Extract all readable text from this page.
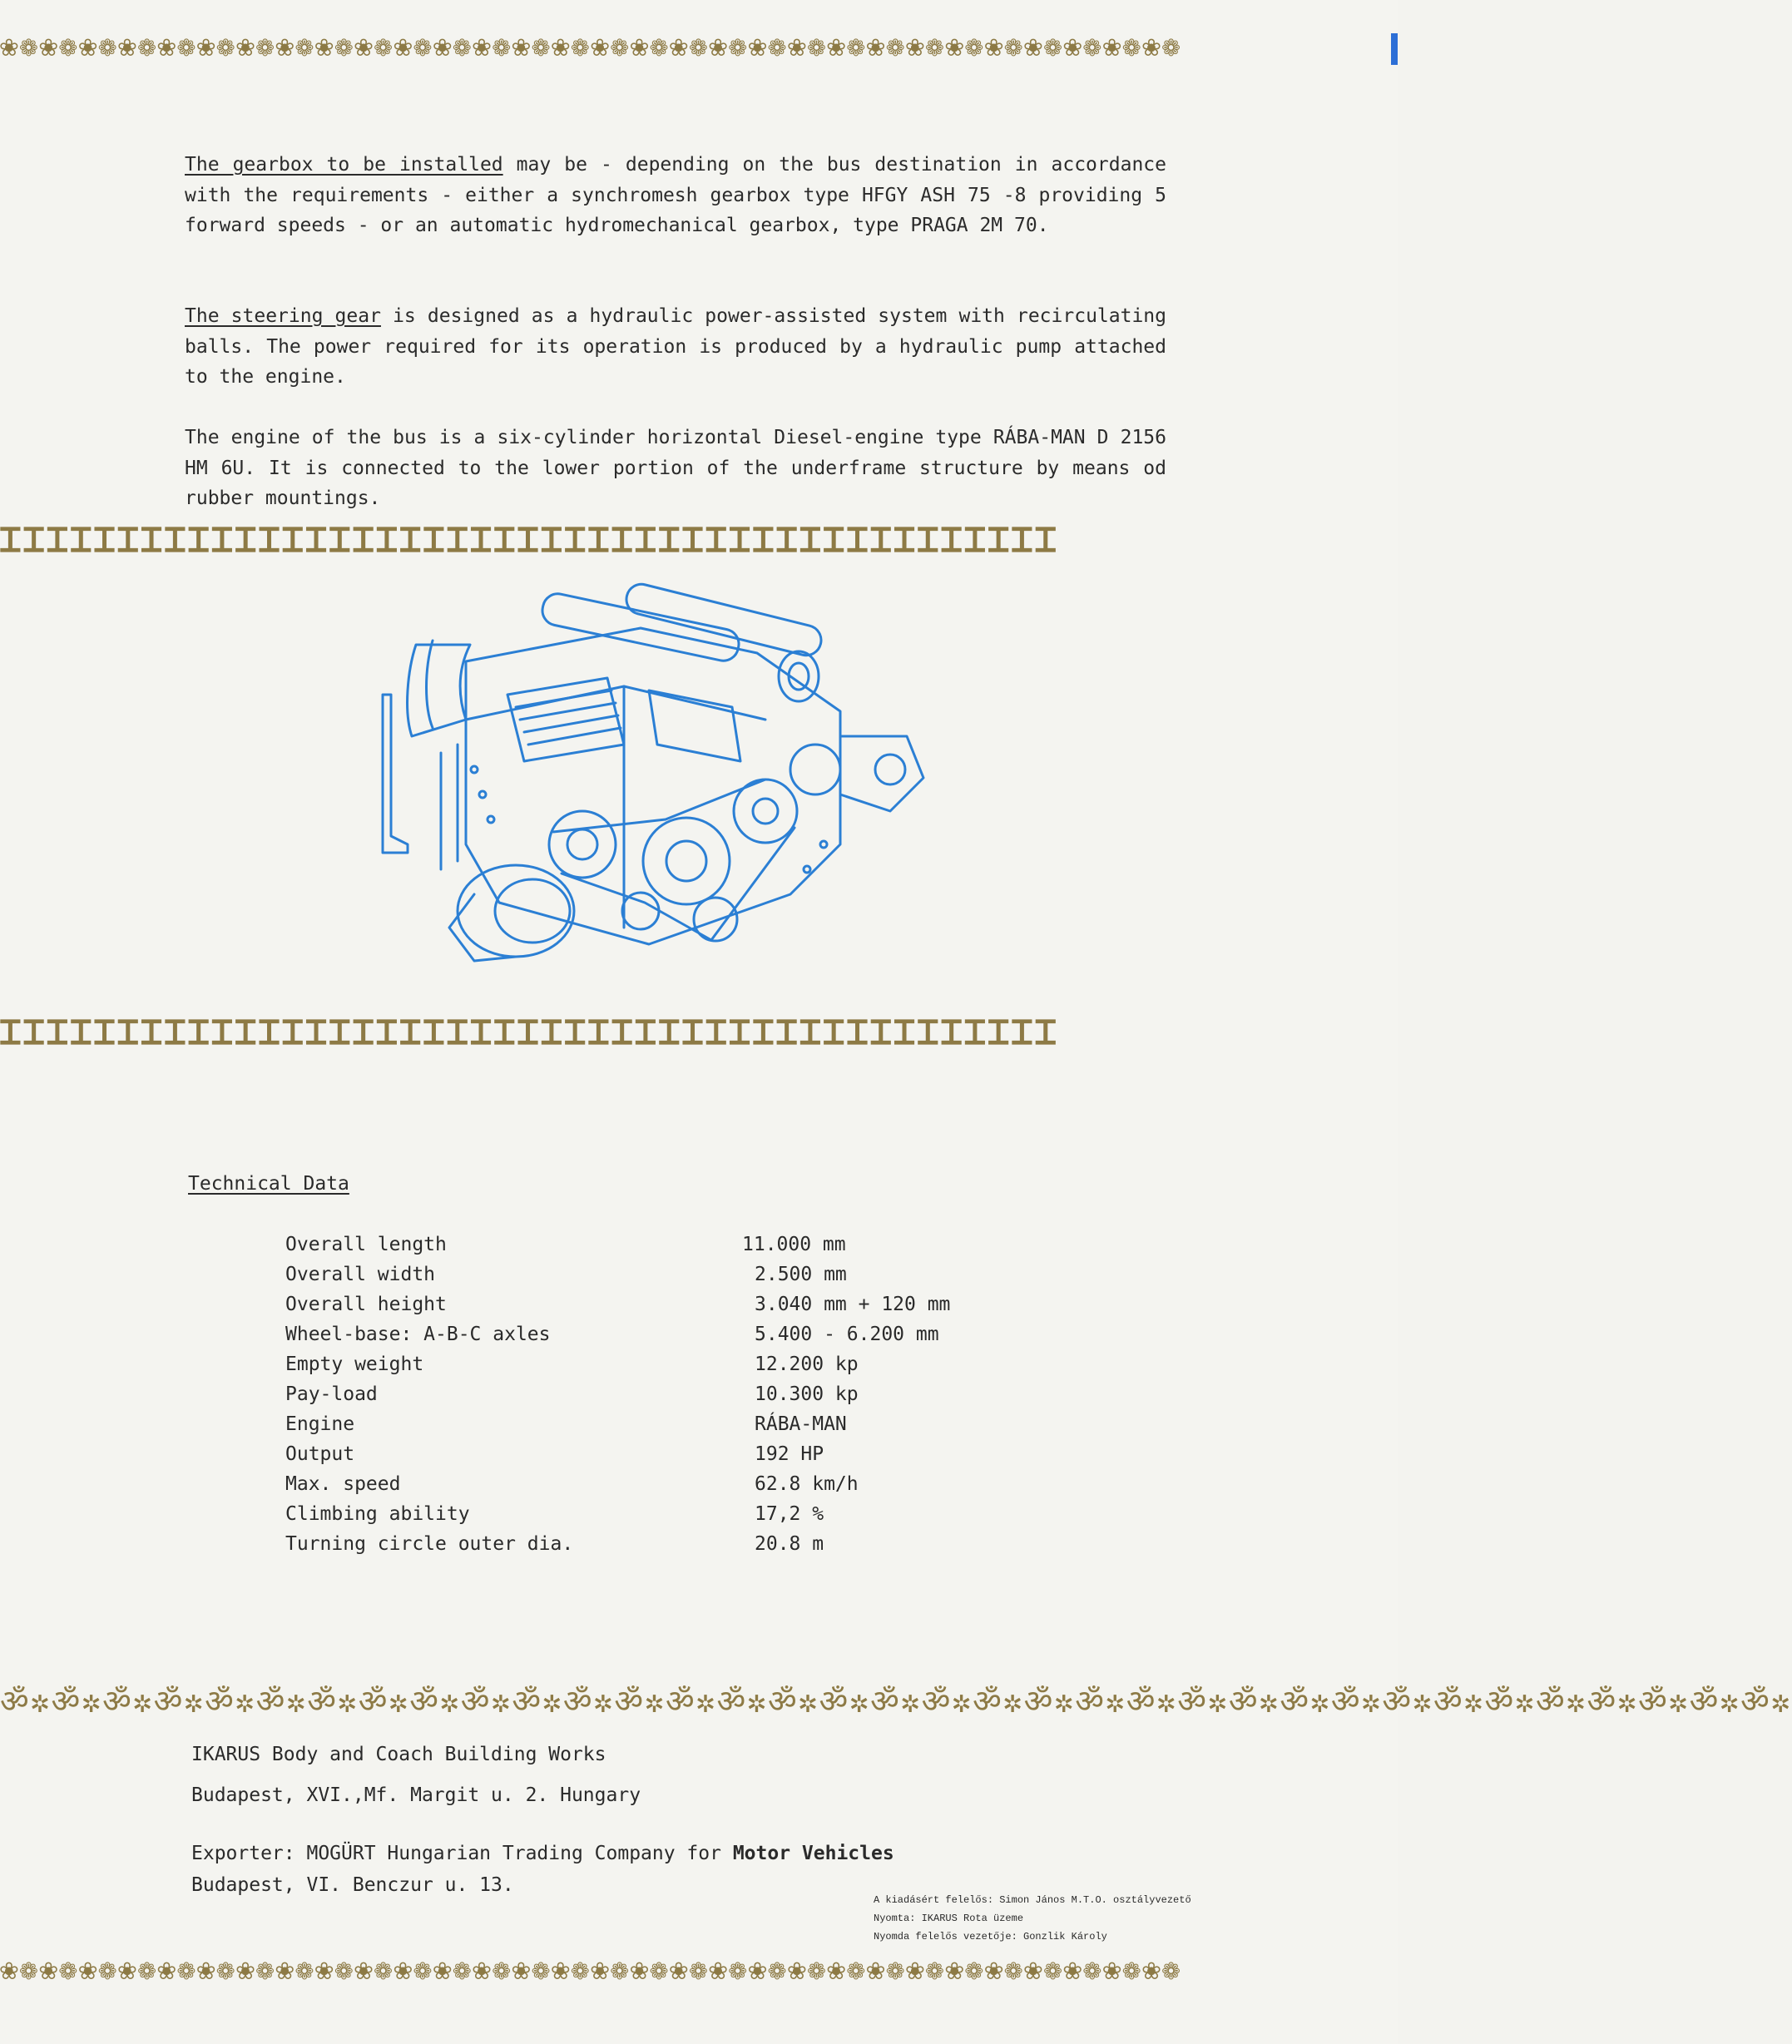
❀❁❀❁❀❁❀❁❀❁❀❁❀❁❀❁❀❁❀❁❀❁❀❁❀❁❀❁❀❁❀❁❀❁❀❁❀❁❀❁❀❁❀❁❀❁❀❁❀❁❀❁❀❁❀❁❀❁❀❁

The gearbox to be installed may be - depending on the bus destination in accordance with the requirements - either a synchromesh gearbox type HFGY ASH 75 -8 providing 5 forward speeds - or an automatic hydromechanical gearbox, type PRAGA 2M 70.

The steering gear is designed as a hydraulic power-assisted system with recirculating balls. The power required for its operation is produced by a hydraulic pump attached to the engine.

The engine of the bus is a six-cylinder horizontal Diesel-engine type RÁBA-MAN D 2156 HM 6U. It is connected to the lower portion of the underframe structure by means od rubber mountings.

ᏆᏆᏆᏆᏆᏆᏆᏆᏆᏆᏆᏆᏆᏆᏆᏆᏆᏆᏆᏆᏆᏆᏆᏆᏆᏆᏆᏆᏆᏆᏆᏆᏆᏆᏆᏆᏆᏆᏆᏆᏆᏆᏆᏆᏆ
ᏆᏆᏆᏆᏆᏆᏆᏆᏆᏆᏆᏆᏆᏆᏆᏆᏆᏆᏆᏆᏆᏆᏆᏆᏆᏆᏆᏆᏆᏆᏆᏆᏆᏆᏆᏆᏆᏆᏆᏆᏆᏆᏆᏆᏆ
Technical Data
Overall length	11.000 mm
Overall width	2.500 mm
Overall height	3.040 mm + 120 mm
Wheel-base: A-B-C axles	5.400 - 6.200 mm
Empty weight	12.200 kp
Pay-load	10.300 kp
Engine	RÁBA-MAN
Output	192 HP
Max. speed	62.8 km/h
Climbing ability	17,2 %
Turning circle outer dia.	20.8 m
ॐ✲ॐ✲ॐ✲ॐ✲ॐ✲ॐ✲ॐ✲ॐ✲ॐ✲ॐ✲ॐ✲ॐ✲ॐ✲ॐ✲ॐ✲ॐ✲ॐ✲ॐ✲ॐ✲ॐ✲ॐ✲ॐ✲ॐ✲ॐ✲ॐ✲ॐ✲ॐ✲ॐ✲ॐ✲ॐ✲ॐ✲ॐ✲ॐ✲ॐ✲ॐ✲
IKARUS Body and Coach Building Works
Budapest, XVI.,Mf. Margit u. 2. Hungary
Exporter: MOGÜRT Hungarian Trading Company for Motor Vehicles
Budapest, VI. Benczur u. 13.
A kiadásért felelős: Simon János M.T.O. osztályvezető
Nyomta: IKARUS Rota üzeme
Nyomda felelős vezetője: Gonzlik Károly
❀❁❀❁❀❁❀❁❀❁❀❁❀❁❀❁❀❁❀❁❀❁❀❁❀❁❀❁❀❁❀❁❀❁❀❁❀❁❀❁❀❁❀❁❀❁❀❁❀❁❀❁❀❁❀❁❀❁❀❁
